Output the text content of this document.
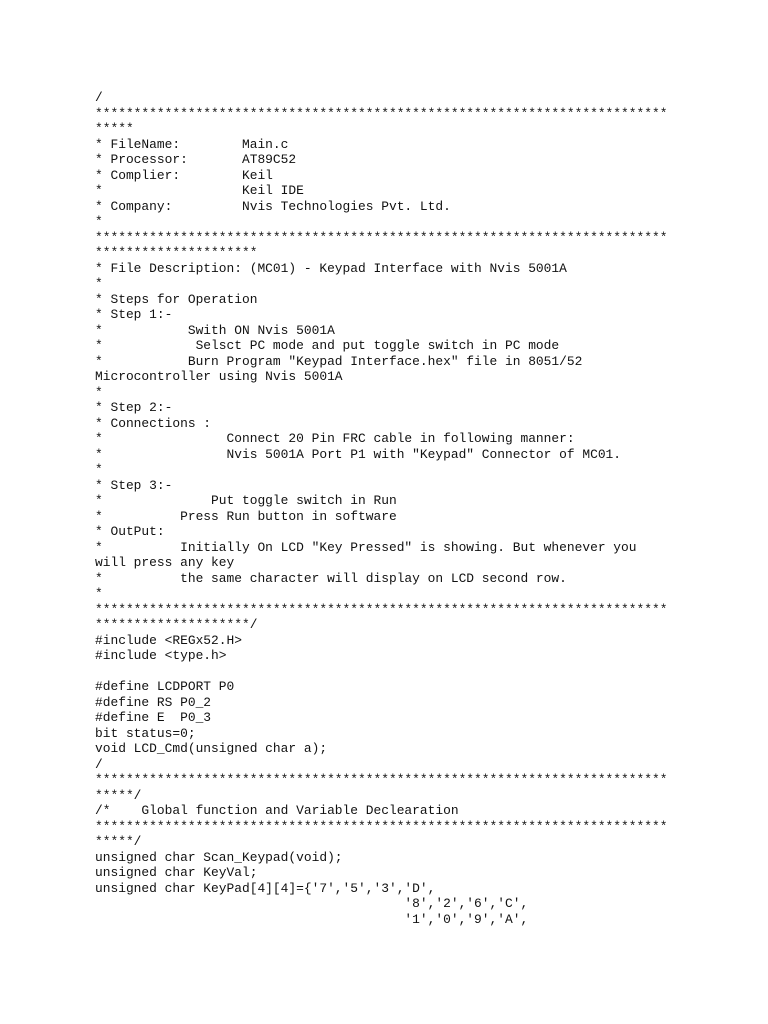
/
**************************************************************************
*****
* FileName:        Main.c
* Processor:       AT89C52
* Complier:        Keil
*                  Keil IDE
* Company:         Nvis Technologies Pvt. Ltd.
*
**************************************************************************
*********************
* File Description: (MC01) - Keypad Interface with Nvis 5001A
*
* Steps for Operation
* Step 1:-
*           Swith ON Nvis 5001A
*            Selsct PC mode and put toggle switch in PC mode
*           Burn Program "Keypad Interface.hex" file in 8051/52
Microcontroller using Nvis 5001A
*
* Step 2:-
* Connections :
*                Connect 20 Pin FRC cable in following manner:
*                Nvis 5001A Port P1 with "Keypad" Connector of MC01.
*
* Step 3:-
*              Put toggle switch in Run
*          Press Run button in software
* OutPut:
*          Initially On LCD "Key Pressed" is showing. But whenever you
will press any key
*          the same character will display on LCD second row.
*
**************************************************************************
********************/
#include <REGx52.H>
#include <type.h>
#define LCDPORT P0
#define RS P0_2
#define E  P0_3
bit status=0;
void LCD_Cmd(unsigned char a);
/
**************************************************************************
*****/
/*    Global function and Variable Declearation
**************************************************************************
*****/
unsigned char Scan_Keypad(void);
unsigned char KeyVal;
unsigned char KeyPad[4][4]={'7','5','3','D',
'8','2','6','C',
'1','0','9','A',
